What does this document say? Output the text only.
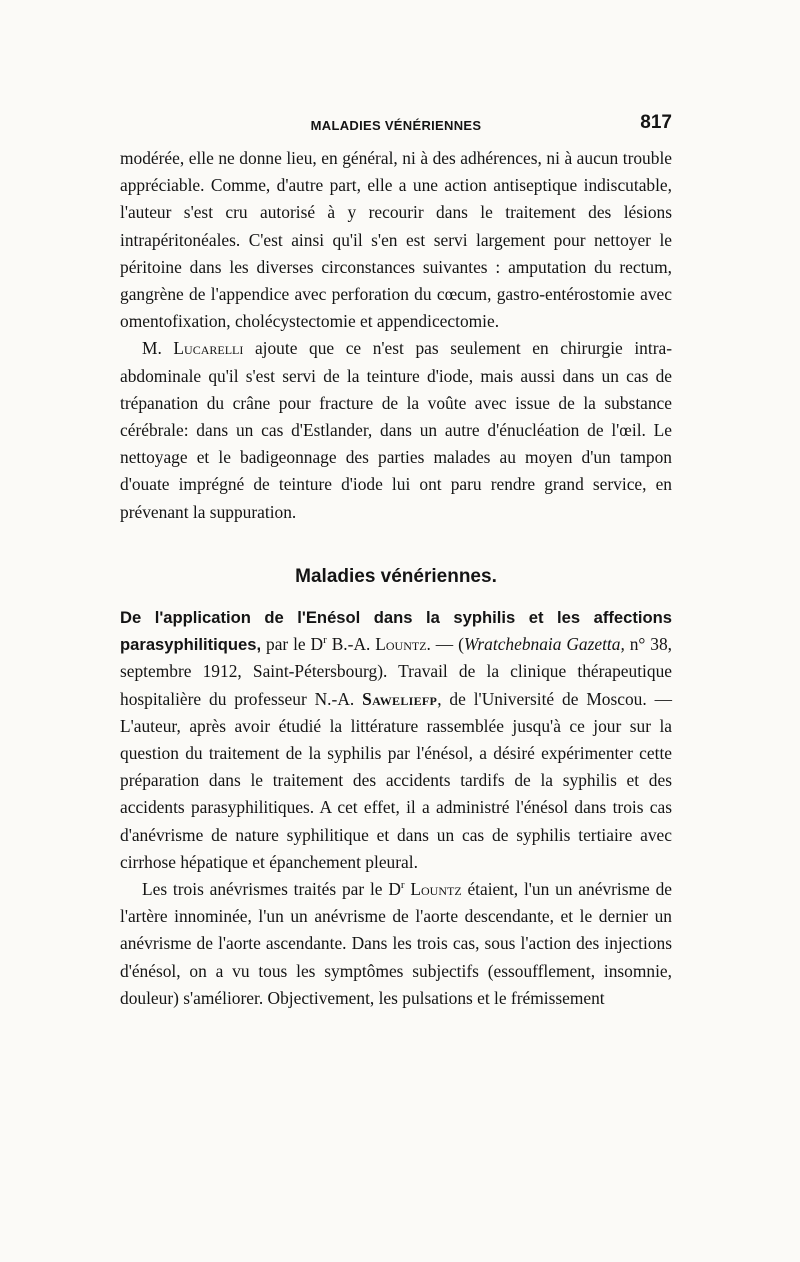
MALADIES VÉNÉRIENNES	817

modérée, elle ne donne lieu, en général, ni à des adhérences, ni à aucun trouble appréciable. Comme, d'autre part, elle a une action antiseptique indiscutable, l'auteur s'est cru autorisé à y recourir dans le traitement des lésions intrapéritonéales. C'est ainsi qu'il s'en est servi largement pour nettoyer le péritoine dans les diverses circonstances suivantes : amputation du rectum, gangrène de l'appendice avec perforation du cœcum, gastro-entérostomie avec omentofixation, cholécystectomie et appendicectomie.

M. Lucarelli ajoute que ce n'est pas seulement en chirurgie intra-abdominale qu'il s'est servi de la teinture d'iode, mais aussi dans un cas de trépanation du crâne pour fracture de la voûte avec issue de la substance cérébrale: dans un cas d'Estlander, dans un autre d'énucléation de l'œil. Le nettoyage et le badigeonnage des parties malades au moyen d'un tampon d'ouate imprégné de teinture d'iode lui ont paru rendre grand service, en prévenant la suppuration.

Maladies vénériennes.

De l'application de l'Enésol dans la syphilis et les affections parasyphilitiques, par le $D^r$ B.-A. Lountz. — (Wratchebnaia Gazetta, n° 38, septembre 1912, Saint-Pétersbourg). Travail de la clinique thérapeutique hospitalière du professeur N.-A. Saweliefp, de l'Université de Moscou. — L'auteur, après avoir étudié la littérature rassemblée jusqu'à ce jour sur la question du traitement de la syphilis par l'énésol, a désiré expérimenter cette préparation dans le traitement des accidents tardifs de la syphilis et des accidents parasyphilitiques. A cet effet, il a administré l'énésol dans trois cas d'anévrisme de nature syphilitique et dans un cas de syphilis tertiaire avec cirrhose hépatique et épanchement pleural.

Les trois anévrismes traités par le $D^r$ Lountz étaient, l'un un anévrisme de l'artère innominée, l'un un anévrisme de l'aorte descendante, et le dernier un anévrisme de l'aorte ascendante. Dans les trois cas, sous l'action des injections d'énésol, on a vu tous les symptômes subjectifs (essoufflement, insomnie, douleur) s'améliorer. Objectivement, les pulsations et le frémissement
